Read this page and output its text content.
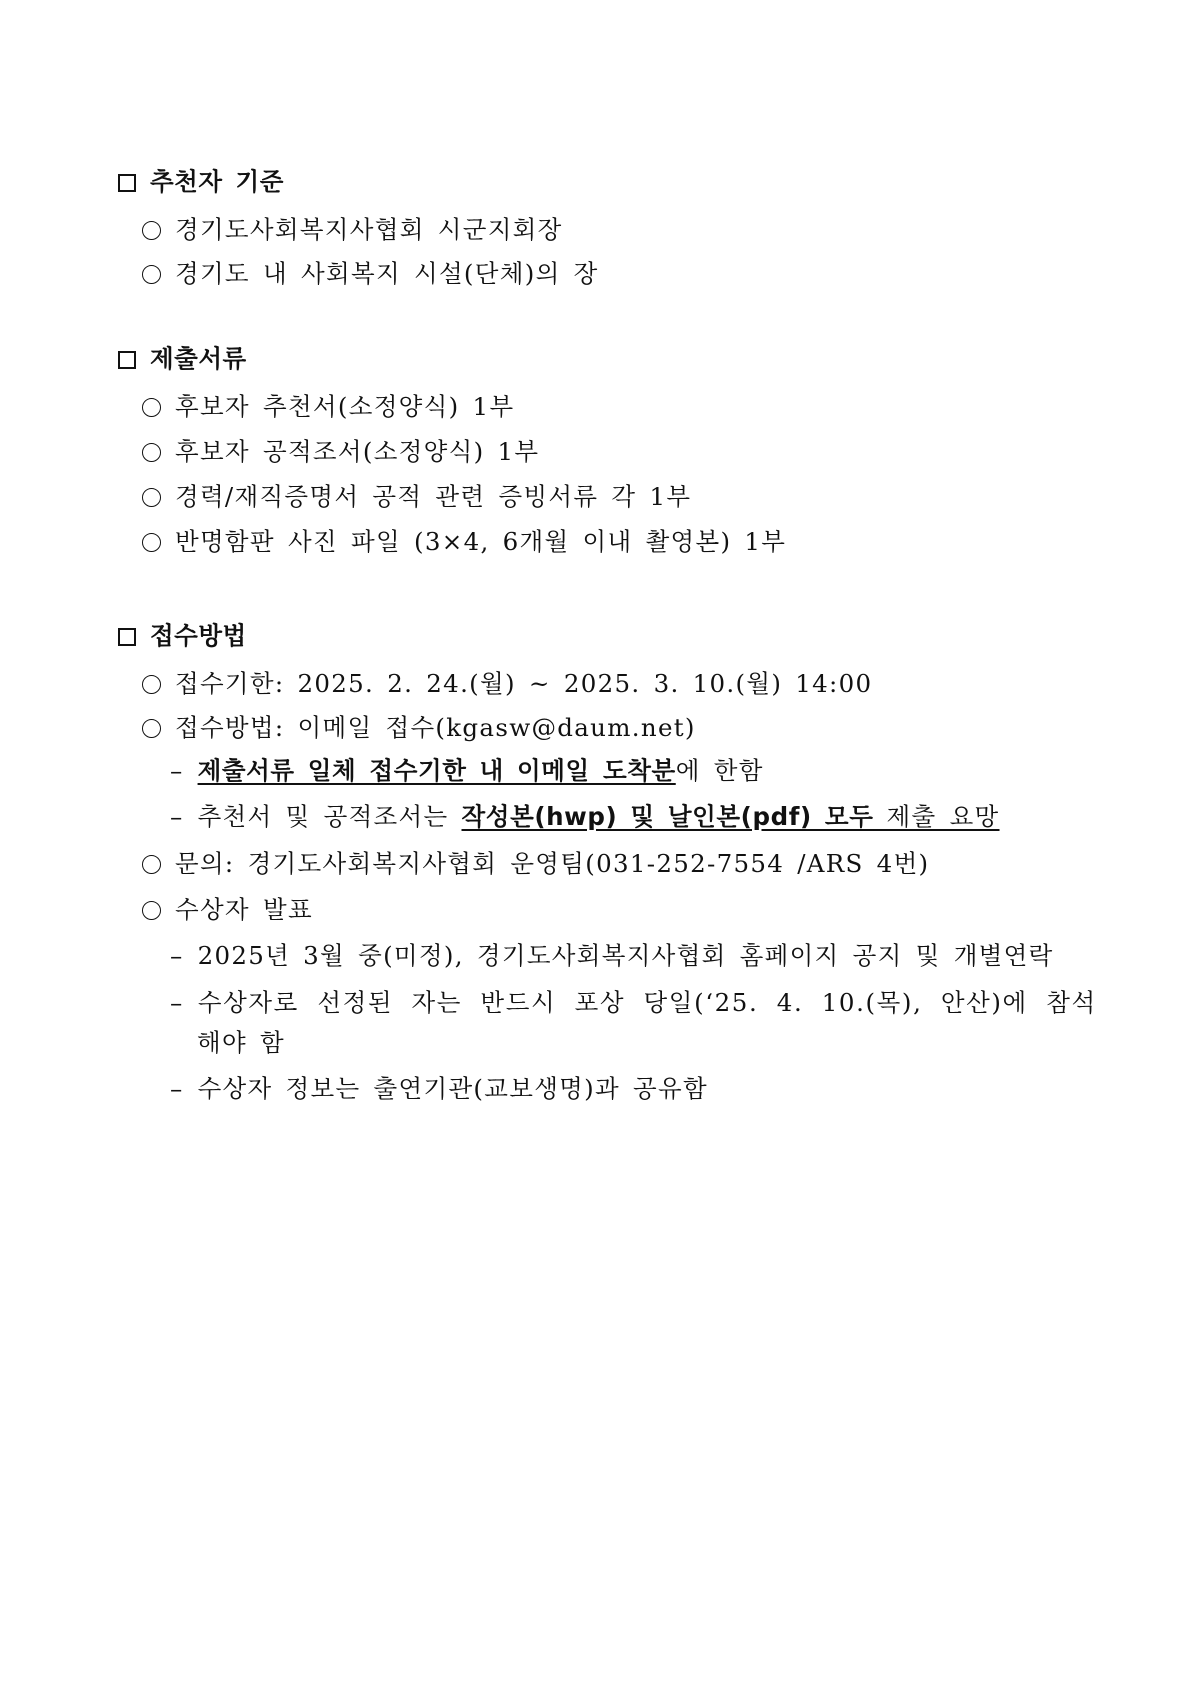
추천자 기준
경기도사회복지사협회 시군지회장
경기도 내 사회복지 시설(단체)의 장
제출서류
후보자 추천서(소정양식) 1부
후보자 공적조서(소정양식) 1부
경력/재직증명서 공적 관련 증빙서류 각 1부
반명함판 사진 파일 (3×4, 6개월 이내 촬영본) 1부
접수방법
접수기한: 2025. 2. 24.(월) ~ 2025. 3. 10.(월) 14:00
접수방법: 이메일 접수(kgasw@daum.net)
– 제출서류 일체 접수기한 내 이메일 도착분에 한함
– 추천서 및 공적조서는 작성본(hwp) 및 날인본(pdf) 모두 제출 요망
문의: 경기도사회복지사협회 운영팀(031-252-7554 /ARS 4번)
수상자 발표
– 2025년 3월 중(미정), 경기도사회복지사협회 홈페이지 공지 및 개별연락
– 수상자로 선정된 자는 반드시 포상 당일(‘25. 4. 10.(목), 안산)에 참석
해야 함
– 수상자 정보는 출연기관(교보생명)과 공유함
